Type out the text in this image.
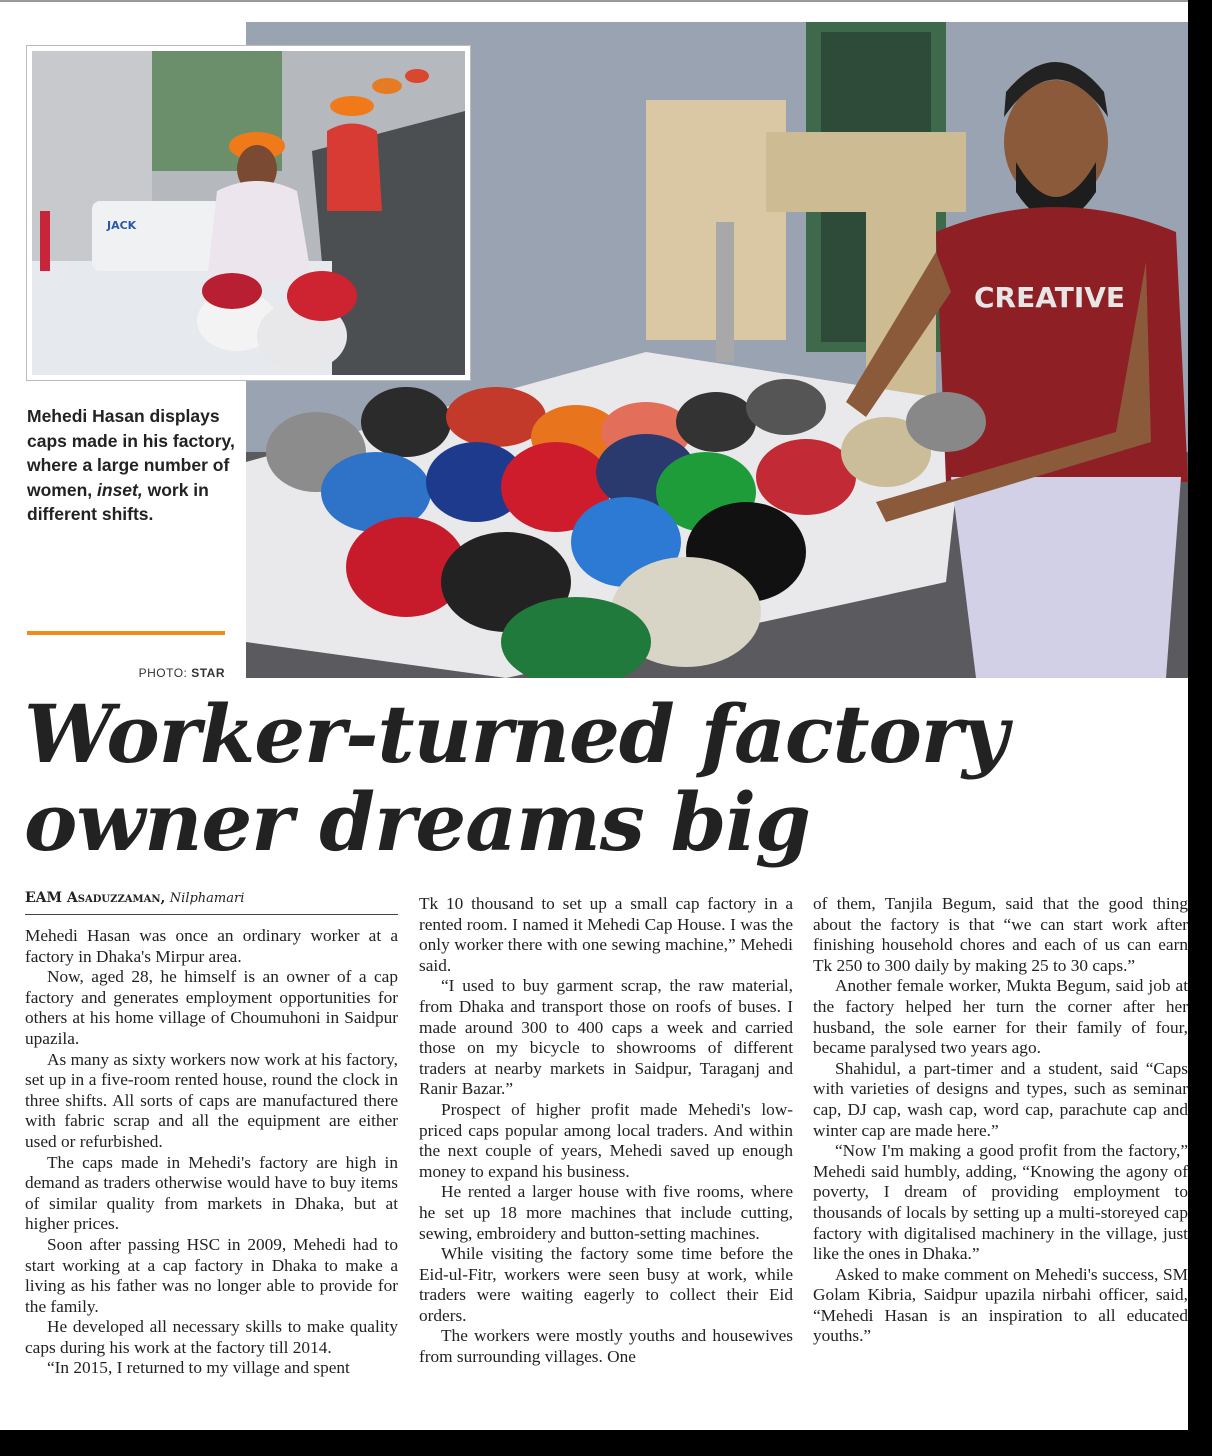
CREATIVE
JACK
Mehedi Hasan displays caps made in his factory, where a large number of women, inset, work in different shifts.
PHOTO: STAR
Worker-turned factory owner dreams big
EAM Asaduzzaman, Nilphamari

Mehedi Hasan was once an ordinary worker at a factory in Dhaka's Mirpur area.

Now, aged 28, he himself is an owner of a cap factory and generates employment opportunities for others at his home village of Choumuhoni in Saidpur upazila.

As many as sixty workers now work at his factory, set up in a five-room rented house, round the clock in three shifts. All sorts of caps are manufactured there with fabric scrap and all the equipment are either used or refurbished.

The caps made in Mehedi's factory are high in demand as traders otherwise would have to buy items of similar quality from markets in Dhaka, but at higher prices.

Soon after passing HSC in 2009, Mehedi had to start working at a cap factory in Dhaka to make a living as his father was no longer able to provide for the family.

He developed all necessary skills to make quality caps during his work at the factory till 2014.

“In 2015, I returned to my village and spent

Tk 10 thousand to set up a small cap factory in a rented room. I named it Mehedi Cap House. I was the only worker there with one sewing machine,” Mehedi said.

“I used to buy garment scrap, the raw material, from Dhaka and transport those on roofs of buses. I made around 300 to 400 caps a week and carried those on my bicycle to showrooms of different traders at nearby markets in Saidpur, Taraganj and Ranir Bazar.”

Prospect of higher profit made Mehedi's low-priced caps popular among local traders. And within the next couple of years, Mehedi saved up enough money to expand his business.

He rented a larger house with five rooms, where he set up 18 more machines that include cutting, sewing, embroidery and button-setting machines.

While visiting the factory some time before the Eid-ul-Fitr, workers were seen busy at work, while traders were waiting eagerly to collect their Eid orders.

The workers were mostly youths and housewives from surrounding villages. One

of them, Tanjila Begum, said that the good thing about the factory is that “we can start work after finishing household chores and each of us can earn Tk 250 to 300 daily by making 25 to 30 caps.”

Another female worker, Mukta Begum, said job at the factory helped her turn the corner after her husband, the sole earner for their family of four, became paralysed two years ago.

Shahidul, a part-timer and a student, said “Caps with varieties of designs and types, such as seminar cap, DJ cap, wash cap, word cap, parachute cap and winter cap are made here.”

“Now I'm making a good profit from the factory,” Mehedi said humbly, adding, “Knowing the agony of poverty, I dream of providing employment to thousands of locals by setting up a multi-storeyed cap factory with digitalised machinery in the village, just like the ones in Dhaka.”

Asked to make comment on Mehedi's success, SM Golam Kibria, Saidpur upazila nirbahi officer, said, “Mehedi Hasan is an inspiration to all educated youths.”
